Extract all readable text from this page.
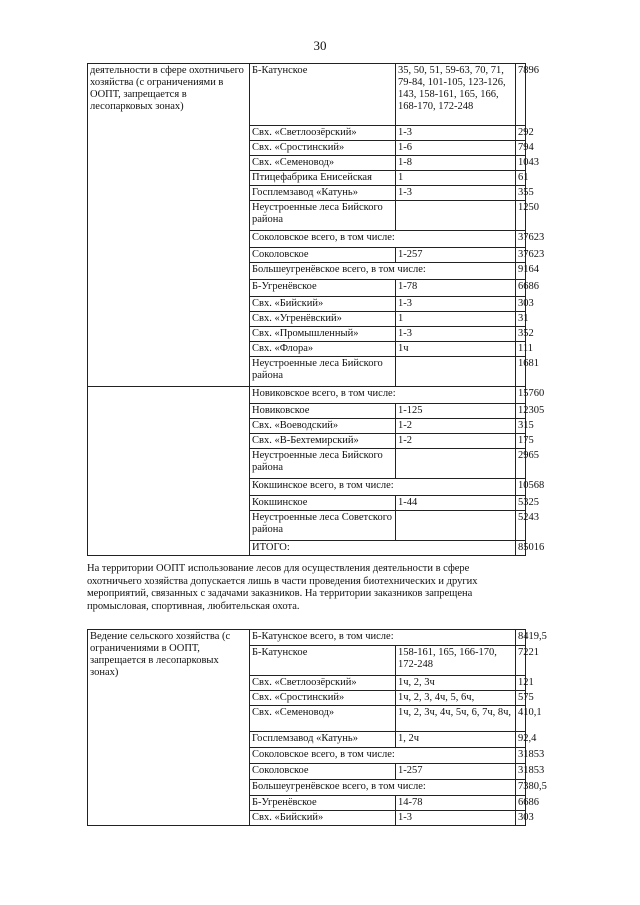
30
деятельности в сфере охотничьего хозяйства (с ограничениями в ООПТ, запрещается в лесопарковых зонах)	Б-Катунское	35, 50, 51, 59-63, 70, 71, 79-84, 101-105, 123-126, 143, 158-161, 165, 166, 168-170, 172-248	7896
	Свх. «Светлоозёрский»	1-3	292
	Свх. «Сростинский»	1-6	794
	Свх. «Семеновод»	1-8	1043
	Птицефабрика Енисейская	1	61
	Госплемзавод «Катунь»	1-3	355
	Неустроенные леса Бийского района		1250
	Соколовское всего, в том числе:		37623
	Соколовское	1-257	37623
	Большеугренёвское всего, в том числе:		9164
	Б-Угренёвское	1-78	6686
	Свх. «Бийский»	1-3	303
	Свх. «Угренёвский»	1	31
	Свх. «Промышленный»	1-3	352
	Свх. «Флора»	1ч	111
	Неустроенные леса Бийского района		1681
	Новиковское всего, в том числе:		15760
	Новиковское	1-125	12305
	Свх. «Воеводский»	1-2	315
	Свх. «В-Бехтемирский»	1-2	175
	Неустроенные леса Бийского района		2965
	Кокшинское всего, в том числе:		10568
	Кокшинское	1-44	5325
	Неустроенные леса Советского района		5243
	ИТОГО:		85016
На территории ООПТ использование лесов для осуществления деятельности в сфере охотничьего хозяйства допускается лишь в части проведения биотехнических и других мероприятий, связанных с задачами заказников. На территории заказников запрещена промысловая, спортивная, любительская охота.
Ведение сельского хозяйства (с ограничениями в ООПТ, запрещается в лесопарковых зонах)	Б-Катунское всего, в том числе:		8419,5
	Б-Катунское	158-161, 165, 166-170, 172-248	7221
	Свх. «Светлоозёрский»	1ч, 2, 3ч	121
	Свх. «Сростинский»	1ч, 2, 3, 4ч, 5, 6ч,	575
	Свх. «Семеновод»	1ч, 2, 3ч, 4ч, 5ч, 6, 7ч, 8ч,	410,1
	Госплемзавод «Катунь»	1, 2ч	92,4
	Соколовское всего, в том числе:		31853
	Соколовское	1-257	31853
	Большеугренёвское всего, в том числе:		7380,5
	Б-Угренёвское	14-78	6686
	Свх. «Бийский»	1-3	303
